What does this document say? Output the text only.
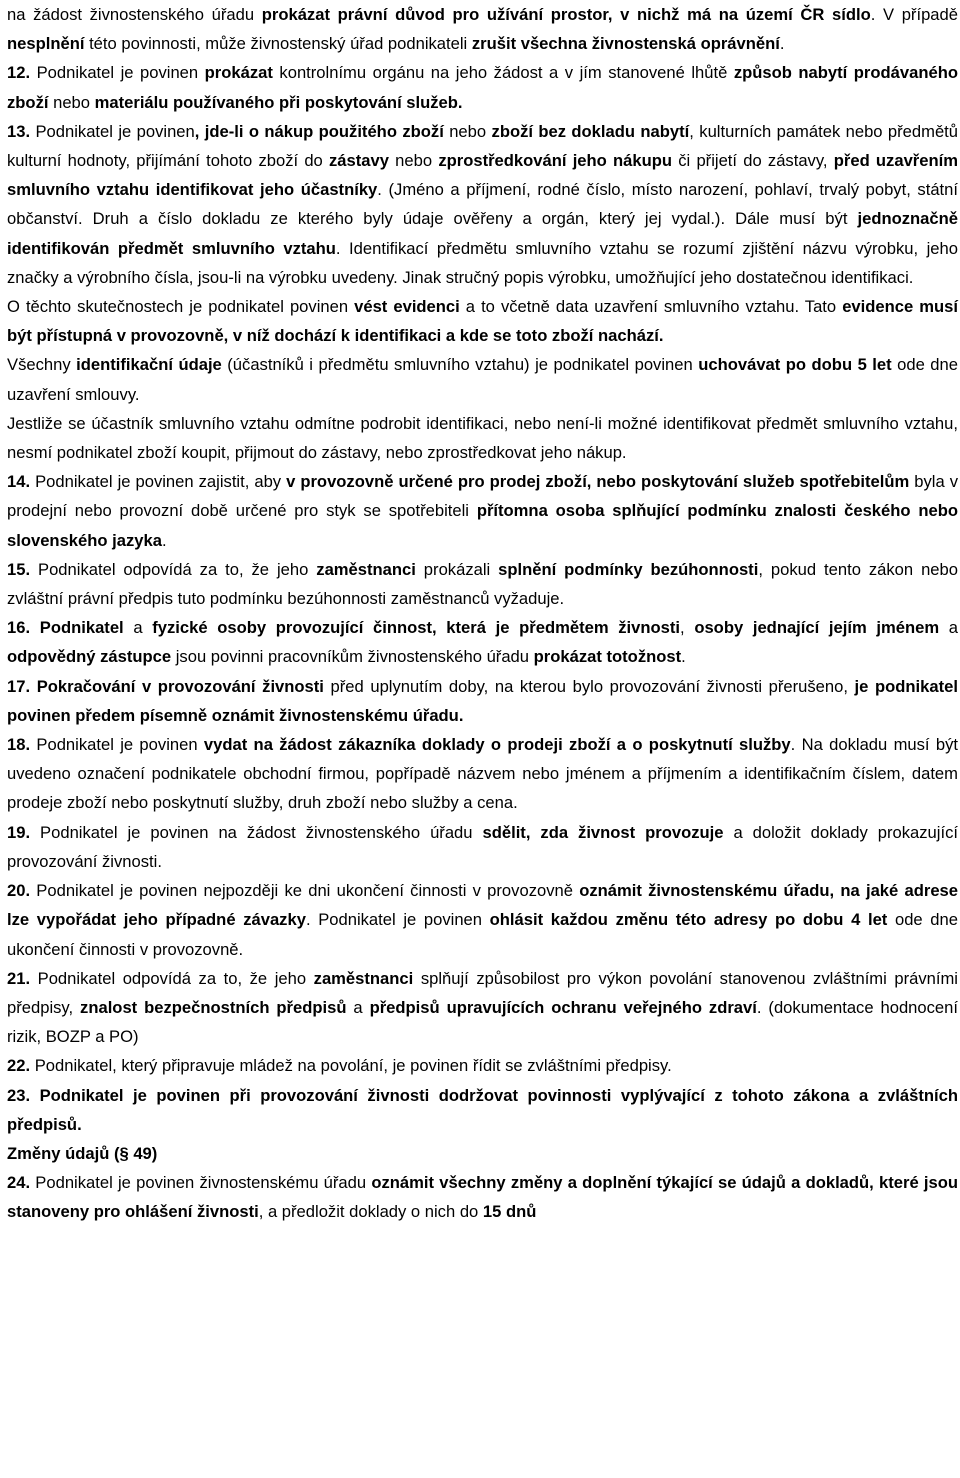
na žádost živnostenského úřadu prokázat právní důvod pro užívání prostor, v nichž má na území ČR sídlo. V případě nesplnění této povinnosti, může živnostenský úřad podnikateli zrušit všechna živnostenská oprávnění.

12. Podnikatel je povinen prokázat kontrolnímu orgánu na jeho žádost a v jím stanovené lhůtě způsob nabytí prodávaného zboží nebo materiálu používaného při poskytování služeb.

13. Podnikatel je povinen, jde-li o nákup použitého zboží nebo zboží bez dokladu nabytí, kulturních památek nebo předmětů kulturní hodnoty, přijímání tohoto zboží do zástavy nebo zprostředkování jeho nákupu či přijetí do zástavy, před uzavřením smluvního vztahu identifikovat jeho účastníky. (Jméno a příjmení, rodné číslo, místo narození, pohlaví, trvalý pobyt, státní občanství. Druh a číslo dokladu ze kterého byly údaje ověřeny a orgán, který jej vydal.). Dále musí být jednoznačně identifikován předmět smluvního vztahu. Identifikací předmětu smluvního vztahu se rozumí zjištění názvu výrobku, jeho značky a výrobního čísla, jsou-li na výrobku uvedeny. Jinak stručný popis výrobku, umožňující jeho dostatečnou identifikaci.

O těchto skutečnostech je podnikatel povinen vést evidenci a to včetně data uzavření smluvního vztahu. Tato evidence musí být přístupná v provozovně, v níž dochází k identifikaci a kde se toto zboží nachází.

Všechny identifikační údaje (účastníků i předmětu smluvního vztahu) je podnikatel povinen uchovávat po dobu 5 let ode dne uzavření smlouvy.

Jestliže se účastník smluvního vztahu odmítne podrobit identifikaci, nebo není-li možné identifikovat předmět smluvního vztahu, nesmí podnikatel zboží koupit, přijmout do zástavy, nebo zprostředkovat jeho nákup.

14. Podnikatel je povinen zajistit, aby v provozovně určené pro prodej zboží, nebo poskytování služeb spotřebitelům byla v prodejní nebo provozní době určené pro styk se spotřebiteli přítomna osoba splňující podmínku znalosti českého nebo slovenského jazyka.

15. Podnikatel odpovídá za to, že jeho zaměstnanci prokázali splnění podmínky bezúhonnosti, pokud tento zákon nebo zvláštní právní předpis tuto podmínku bezúhonnosti zaměstnanců vyžaduje.

16. Podnikatel a fyzické osoby provozující činnost, která je předmětem živnosti, osoby jednající jejím jménem a odpovědný zástupce jsou povinni pracovníkům živnostenského úřadu prokázat totožnost.

17. Pokračování v provozování živnosti před uplynutím doby, na kterou bylo provozování živnosti přerušeno, je podnikatel povinen předem písemně oznámit živnostenskému úřadu.

18. Podnikatel je povinen vydat na žádost zákazníka doklady o prodeji zboží a o poskytnutí služby. Na dokladu musí být uvedeno označení podnikatele obchodní firmou, popřípadě názvem nebo jménem a příjmením a identifikačním číslem, datem prodeje zboží nebo poskytnutí služby, druh zboží nebo služby a cena.

19. Podnikatel je povinen na žádost živnostenského úřadu sdělit, zda živnost provozuje a doložit doklady prokazující provozování živnosti.

20. Podnikatel je povinen nejpozději ke dni ukončení činnosti v provozovně oznámit živnostenskému úřadu, na jaké adrese lze vypořádat jeho případné závazky. Podnikatel je povinen ohlásit každou změnu této adresy po dobu 4 let ode dne ukončení činnosti v provozovně.

21. Podnikatel odpovídá za to, že jeho zaměstnanci splňují způsobilost pro výkon povolání stanovenou zvláštními právními předpisy, znalost bezpečnostních předpisů a předpisů upravujících ochranu veřejného zdraví. (dokumentace hodnocení rizik, BOZP a PO)

22. Podnikatel, který připravuje mládež na povolání, je povinen řídit se zvláštními předpisy.

23. Podnikatel je povinen při provozování živnosti dodržovat povinnosti vyplývající z tohoto zákona a zvláštních předpisů.

Změny údajů (§ 49)

24. Podnikatel je povinen živnostenskému úřadu oznámit všechny změny a doplnění týkající se údajů a dokladů, které jsou stanoveny pro ohlášení živnosti, a předložit doklady o nich do 15 dnů
